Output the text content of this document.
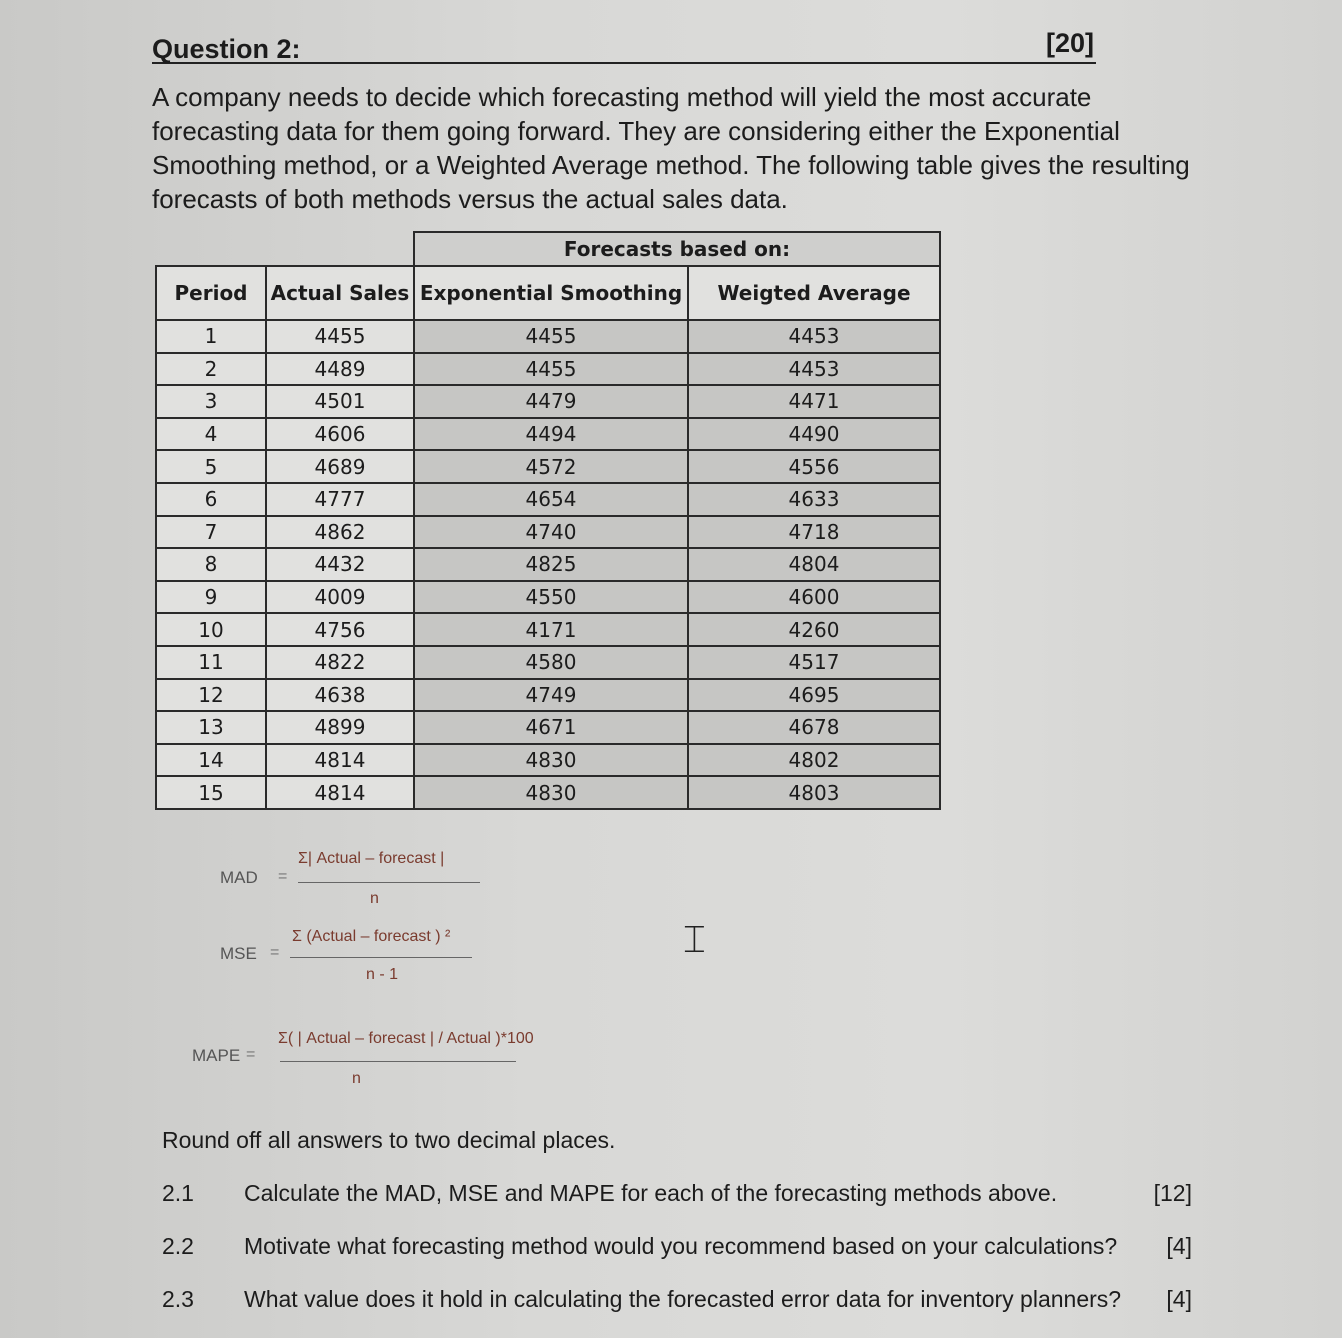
Question 2:	[20]

A company needs to decide which forecasting method will yield the most accurate forecasting data for them going forward. They are considering either the Exponential Smoothing method, or a Weighted Average method. The following table gives the resulting forecasts of both methods versus the actual sales data.

		Forecasts based on:	
Period	Actual Sales	Exponential Smoothing	Weigted Average
1	4455	4455	4453
2	4489	4455	4453
3	4501	4479	4471
4	4606	4494	4490
5	4689	4572	4556
6	4777	4654	4633
7	4862	4740	4718
8	4432	4825	4804
9	4009	4550	4600
10	4756	4171	4260
11	4822	4580	4517
12	4638	4749	4695
13	4899	4671	4678
14	4814	4830	4802
15	4814	4830	4803
MAD =
Σ| Actual – forecast |
n
MSE =
Σ (Actual – forecast ) ²
n - 1
MAPE =
Σ( | Actual – forecast | / Actual )*100
n
⌶

Round off all answers to two decimal places.

2.1 Calculate the MAD, MSE and MAPE for each of the forecasting methods above.	[12]
2.2 Motivate what forecasting method would you recommend based on your calculations? [4]
2.3 What value does it hold in calculating the forecasted error data for inventory planners? [4]
